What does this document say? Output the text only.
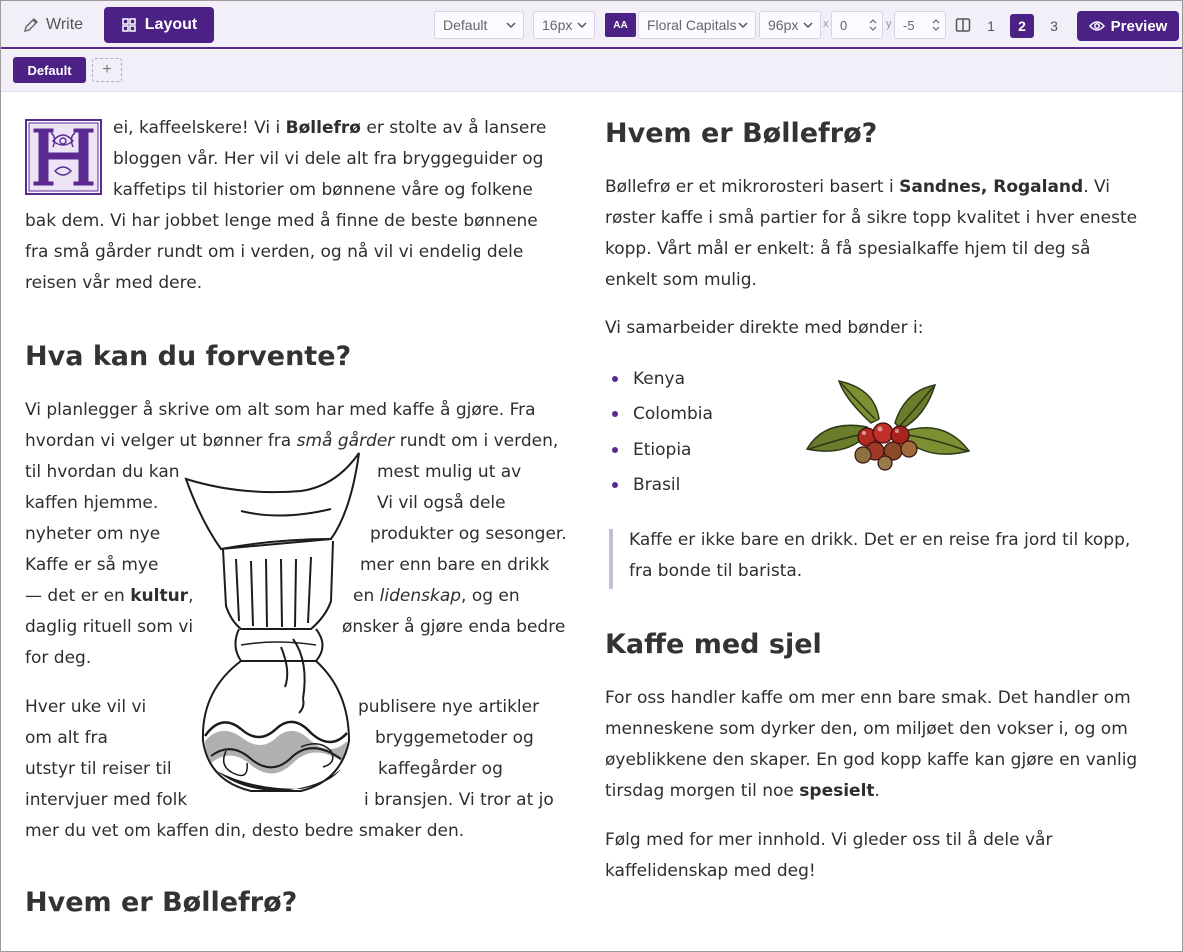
Write	Layout	Default	16px	AA	Floral Capitals 96px x 0	y -5	1	2	3	Preview
Default	+
ei, kaffeelskere! Vi i Bøllefrø er stolte av å lansere
bloggen vår. Her vil vi dele alt fra bryggeguider og
kaffetips til historier om bønnene våre og folkene
bak dem. Vi har jobbet lenge med å finne de beste bønnene
fra små gårder rundt om i verden, og nå vil vi endelig dele
reisen vår med dere.
Hva kan du forvente?
Vi planlegger å skrive om alt som har med kaffe å gjøre. Fra
hvordan vi velger ut bønner fra små gårder rundt om i verden,
til hvordan du kan	mest mulig ut av
kaffen hjemme.	Vi vil også dele
nyheter om nye	produkter og sesonger.
Kaffe er så mye	mer enn bare en drikk
— det er en kultur,	en lidenskap, og en
daglig rituell som vi	ønsker å gjøre enda bedre
for deg.
Hver uke vil vi	publisere nye artikler
om alt fra	bryggemetoder og
utstyr til reiser til	kaffegårder og
intervjuer med folk	i bransjen. Vi tror at jo
mer du vet om kaffen din, desto bedre smaker den.
Hvem er Bøllefrø?
Hvem er Bøllefrø?
Bøllefrø er et mikrorosteri basert i Sandnes, Rogaland. Vi
røster kaffe i små partier for å sikre topp kvalitet i hver eneste
kopp. Vårt mål er enkelt: å få spesialkaffe hjem til deg så
enkelt som mulig.
Vi samarbeider direkte med bønder i:
Kenya
Colombia
Etiopia
Brasil
Kaffe er ikke bare en drikk. Det er en reise fra jord til kopp,
fra bonde til barista.
Kaffe med sjel
For oss handler kaffe om mer enn bare smak. Det handler om
menneskene som dyrker den, om miljøet den vokser i, og om
øyeblikkene den skaper. En god kopp kaffe kan gjøre en vanlig
tirsdag morgen til noe spesielt.
Følg med for mer innhold. Vi gleder oss til å dele vår
kaffelidenskap med deg!
